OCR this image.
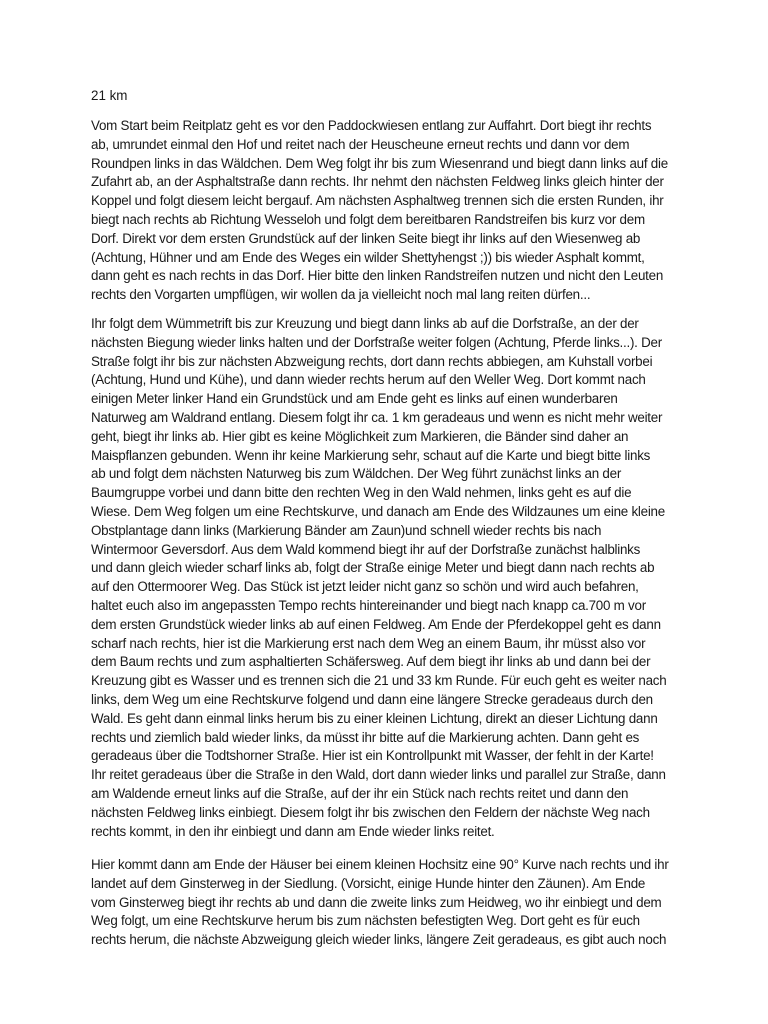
21 km

Vom Start beim Reitplatz geht es vor den Paddockwiesen entlang zur Auffahrt. Dort biegt ihr rechts
ab, umrundet einmal den Hof und reitet nach der Heuscheune erneut rechts und dann vor dem
Roundpen links in das Wäldchen. Dem Weg folgt ihr bis zum Wiesenrand und biegt dann links auf die
Zufahrt ab, an der Asphaltstraße dann rechts. Ihr nehmt den nächsten Feldweg links gleich hinter der
Koppel und folgt diesem leicht bergauf. Am nächsten Asphaltweg trennen sich die ersten Runden, ihr
biegt nach rechts ab Richtung Wesseloh und folgt dem bereitbaren Randstreifen bis kurz vor dem
Dorf. Direkt vor dem ersten Grundstück auf der linken Seite biegt ihr links auf den Wiesenweg ab
(Achtung, Hühner und am Ende des Weges ein wilder Shettyhengst ;)) bis wieder Asphalt kommt,
dann geht es nach rechts in das Dorf. Hier bitte den linken Randstreifen nutzen und nicht den Leuten
rechts den Vorgarten umpflügen, wir wollen da ja vielleicht noch mal lang reiten dürfen...

Ihr folgt dem Wümmetrift bis zur Kreuzung und biegt dann links ab auf die Dorfstraße, an der der
nächsten Biegung wieder links halten und der Dorfstraße weiter folgen (Achtung, Pferde links...). Der
Straße folgt ihr bis zur nächsten Abzweigung rechts, dort dann rechts abbiegen, am Kuhstall vorbei
(Achtung, Hund und Kühe), und dann wieder rechts herum auf den Weller Weg. Dort kommt nach
einigen Meter linker Hand ein Grundstück und am Ende geht es links auf einen wunderbaren
Naturweg am Waldrand entlang. Diesem folgt ihr ca. 1 km geradeaus und wenn es nicht mehr weiter
geht, biegt ihr links ab. Hier gibt es keine Möglichkeit zum Markieren, die Bänder sind daher an
Maispflanzen gebunden. Wenn ihr keine Markierung sehr, schaut auf die Karte und biegt bitte links
ab und folgt dem nächsten Naturweg bis zum Wäldchen. Der Weg führt zunächst links an der
Baumgruppe vorbei und dann bitte den rechten Weg in den Wald nehmen, links geht es auf die
Wiese. Dem Weg folgen um eine Rechtskurve, und danach am Ende des Wildzaunes um eine kleine
Obstplantage dann links (Markierung Bänder am Zaun)und schnell wieder rechts bis nach
Wintermoor Geversdorf. Aus dem Wald kommend biegt ihr auf der Dorfstraße zunächst halblinks
und dann gleich wieder scharf links ab, folgt der Straße einige Meter und biegt dann nach rechts ab
auf den Ottermoorer Weg. Das Stück ist jetzt leider nicht ganz so schön und wird auch befahren,
haltet euch also im angepassten Tempo rechts hintereinander und biegt nach knapp ca.700 m vor
dem ersten Grundstück wieder links ab auf einen Feldweg. Am Ende der Pferdekoppel geht es dann
scharf nach rechts, hier ist die Markierung erst nach dem Weg an einem Baum, ihr müsst also vor
dem Baum rechts und zum asphaltierten Schäfersweg. Auf dem biegt ihr links ab und dann bei der
Kreuzung gibt es Wasser und es trennen sich die 21 und 33 km Runde. Für euch geht es weiter nach
links, dem Weg um eine Rechtskurve folgend und dann eine längere Strecke geradeaus durch den
Wald. Es geht dann einmal links herum bis zu einer kleinen Lichtung, direkt an dieser Lichtung dann
rechts und ziemlich bald wieder links, da müsst ihr bitte auf die Markierung achten. Dann geht es
geradeaus über die Todtshorner Straße. Hier ist ein Kontrollpunkt mit Wasser, der fehlt in der Karte!
Ihr reitet geradeaus über die Straße in den Wald, dort dann wieder links und parallel zur Straße, dann
am Waldende erneut links auf die Straße, auf der ihr ein Stück nach rechts reitet und dann den
nächsten Feldweg links einbiegt. Diesem folgt ihr bis zwischen den Feldern der nächste Weg nach
rechts kommt, in den ihr einbiegt und dann am Ende wieder links reitet.

Hier kommt dann am Ende der Häuser bei einem kleinen Hochsitz eine 90° Kurve nach rechts und ihr
landet auf dem Ginsterweg in der Siedlung. (Vorsicht, einige Hunde hinter den Zäunen). Am Ende
vom Ginsterweg biegt ihr rechts ab und dann die zweite links zum Heidweg, wo ihr einbiegt und dem
Weg folgt, um eine Rechtskurve herum bis zum nächsten befestigten Weg. Dort geht es für euch
rechts herum, die nächste Abzweigung gleich wieder links, längere Zeit geradeaus, es gibt auch noch
